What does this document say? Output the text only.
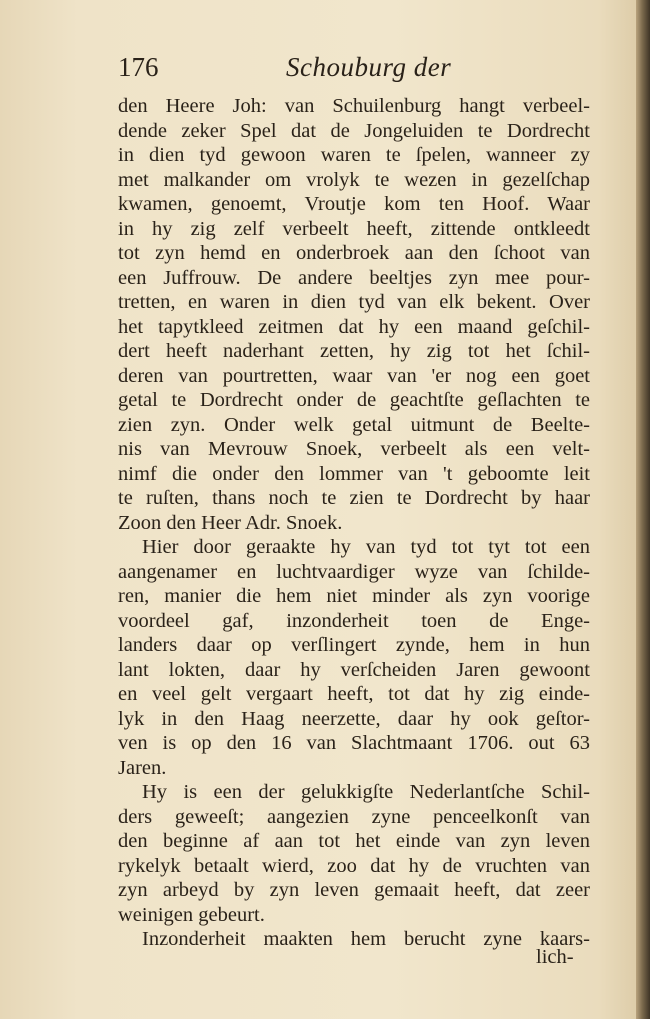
176	Schouburg der
den Heere Joh: van Schuilenburg hangt verbeel-
dende zeker Spel dat de Jongeluiden te Dordrecht
in dien tyd gewoon waren te ſpelen, wanneer zy
met malkander om vrolyk te wezen in gezelſchap
kwamen, genoemt, Vroutje kom ten Hoof. Waar
in hy zig zelf verbeelt heeft, zittende ontkleedt
tot zyn hemd en onderbroek aan den ſchoot van
een Juffrouw. De andere beeltjes zyn mee pour-
tretten, en waren in dien tyd van elk bekent. Over
het tapytkleed zeitmen dat hy een maand geſchil-
dert heeft naderhant zetten, hy zig tot het ſchil-
deren van pourtretten, waar van 'er nog een goet
getal te Dordrecht onder de geachtſte geſlachten te
zien zyn. Onder welk getal uitmunt de Beelte-
nis van Mevrouw Snoek, verbeelt als een velt-
nimf die onder den lommer van 't geboomte leit
te ruſten, thans noch te zien te Dordrecht by haar
Zoon den Heer Adr. Snoek.
Hier door geraakte hy van tyd tot tyt tot een
aangenamer en luchtvaardiger wyze van ſchilde-
ren, manier die hem niet minder als zyn voorige
voordeel gaf, inzonderheit toen de Enge-
landers daar op verſlingert zynde, hem in hun
lant lokten, daar hy verſcheiden Jaren gewoont
en veel gelt vergaart heeft, tot dat hy zig einde-
lyk in den Haag neerzette, daar hy ook geſtor-
ven is op den 16 van Slachtmaant 1706. out 63
Jaren.
Hy is een der gelukkigſte Nederlantſche Schil-
ders geweeſt; aangezien zyne penceelkonſt van
den beginne af aan tot het einde van zyn leven
rykelyk betaalt wierd, zoo dat hy de vruchten van
zyn arbeyd by zyn leven gemaait heeft, dat zeer
weinigen gebeurt.
Inzonderheit maakten hem berucht zyne kaars-
lich-
